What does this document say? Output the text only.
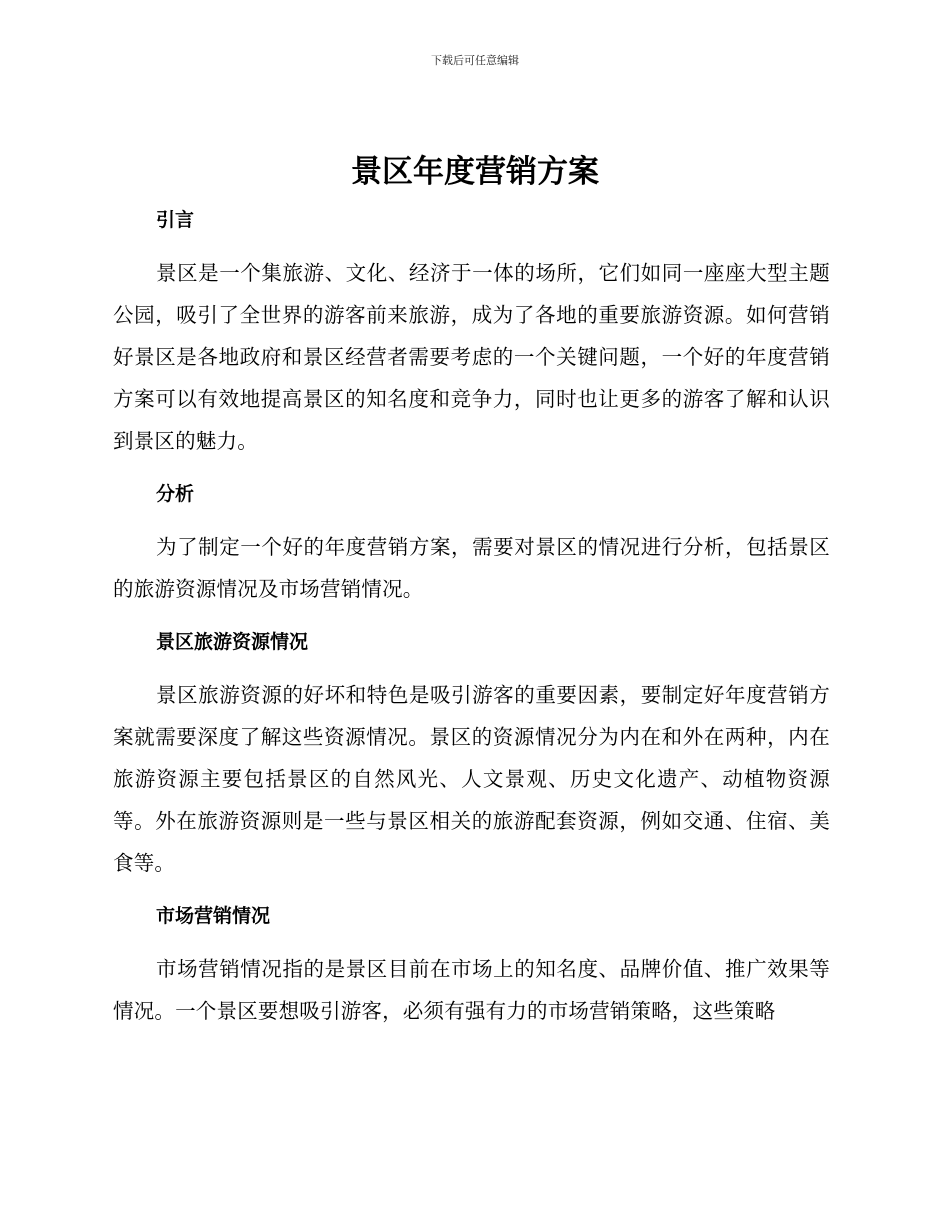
下载后可任意编辑
景区年度营销方案
引言

景区是一个集旅游、文化、经济于一体的场所，它们如同一座座大型主题公园，吸引了全世界的游客前来旅游，成为了各地的重要旅游资源。如何营销好景区是各地政府和景区经营者需要考虑的一个关键问题，一个好的年度营销方案可以有效地提高景区的知名度和竞争力，同时也让更多的游客了解和认识到景区的魅力。

分析

为了制定一个好的年度营销方案，需要对景区的情况进行分析，包括景区的旅游资源情况及市场营销情况。

景区旅游资源情况

景区旅游资源的好坏和特色是吸引游客的重要因素，要制定好年度营销方案就需要深度了解这些资源情况。景区的资源情况分为内在和外在两种，内在旅游资源主要包括景区的自然风光、人文景观、历史文化遗产、动植物资源等。外在旅游资源则是一些与景区相关的旅游配套资源，例如交通、住宿、美食等。

市场营销情况

市场营销情况指的是景区目前在市场上的知名度、品牌价值、推广效果等情况。一个景区要想吸引游客，必须有强有力的市场营销策略，这些策略
